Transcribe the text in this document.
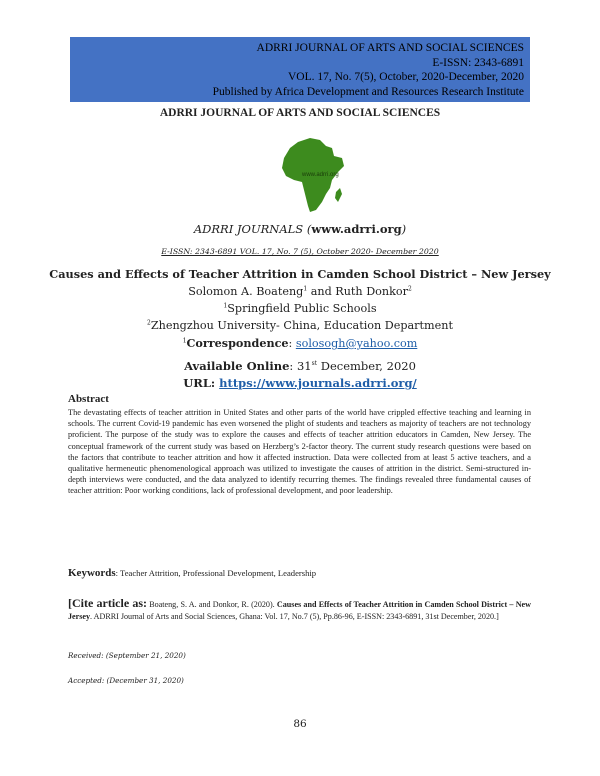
ADRRI JOURNAL OF ARTS AND SOCIAL SCIENCES
E-ISSN: 2343-6891
VOL. 17, No. 7(5), October, 2020-December, 2020
Published by Africa Development and Resources Research Institute
ADRRI JOURNAL OF ARTS AND SOCIAL SCIENCES
www.adrri.org
ADRRI JOURNALS (www.adrri.org)
E-ISSN: 2343-6891 VOL. 17, No. 7 (5), October 2020- December 2020
Causes and Effects of Teacher Attrition in Camden School District – New Jersey
Solomon A. Boateng$^1$ and Ruth Donkor$^2$
$^1$Springfield Public Schools
$^2$Zhengzhou University- China, Education Department
$^1$Correspondence: solosogh@yahoo.com
Available Online: 31st December, 2020
URL: https://www.journals.adrri.org/
Abstract
The devastating effects of teacher attrition in United States and other parts of the world have crippled effective teaching and learning in schools. The current Covid-19 pandemic has even worsened the plight of students and teachers as majority of teachers are not technology proficient. The purpose of the study was to explore the causes and effects of teacher attrition educators in Camden, New Jersey. The conceptual framework of the current study was based on Herzberg’s 2-factor theory. The current study research questions were based on the factors that contribute to teacher attrition and how it affected instruction. Data were collected from at least 5 active teachers, and a qualitative hermeneutic phenomenological approach was utilized to investigate the causes of attrition in the district. Semi-structured in-depth interviews were conducted, and the data analyzed to identify recurring themes. The findings revealed three fundamental causes of teacher attrition: Poor working conditions, lack of professional development, and poor leadership.
Keywords: Teacher Attrition, Professional Development, Leadership
[Cite article as: Boateng, S. A. and Donkor, R. (2020). Causes and Effects of Teacher Attrition in Camden School District – New Jersey. ADRRI Journal of Arts and Social Sciences, Ghana: Vol. 17, No.7 (5), Pp.86-96, E-ISSN: 2343-6891, 31st December, 2020.]
Received: (September 21, 2020)
Accepted: (December 31, 2020)
86
